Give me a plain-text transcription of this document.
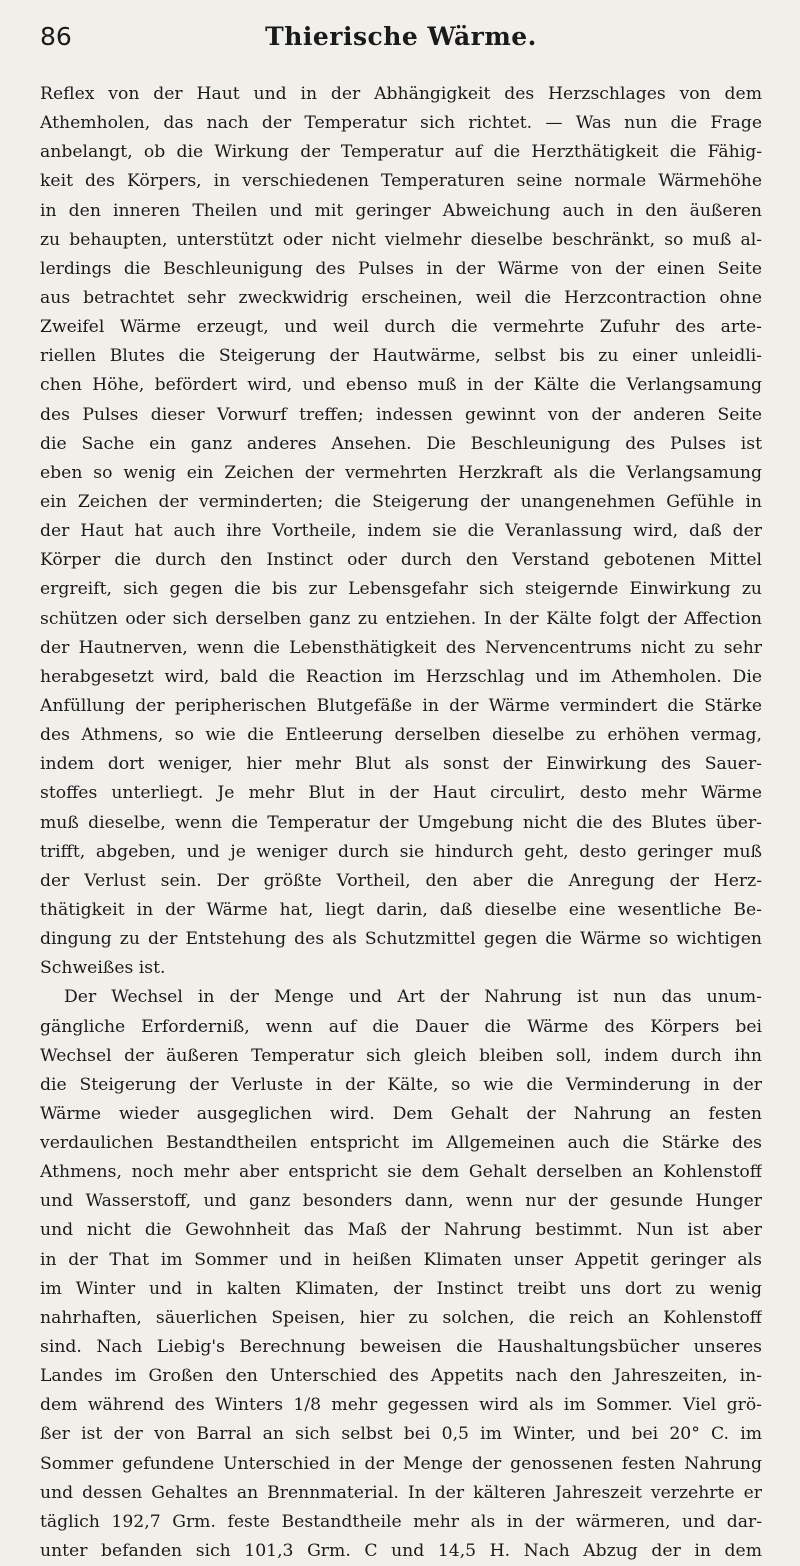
86	Thierische Wärme.
Reflex von der Haut und in der Abhängigkeit des Herzschlages von dem
Athemholen, das nach der Temperatur sich richtet. — Was nun die Frage
anbelangt, ob die Wirkung der Temperatur auf die Herzthätigkeit die Fähig-
keit des Körpers, in verschiedenen Temperaturen seine normale Wärmehöhe
in den inneren Theilen und mit geringer Abweichung auch in den äußeren
zu behaupten, unterstützt oder nicht vielmehr dieselbe beschränkt, so muß al-
lerdings die Beschleunigung des Pulses in der Wärme von der einen Seite
aus betrachtet sehr zweckwidrig erscheinen, weil die Herzcontraction ohne
Zweifel Wärme erzeugt, und weil durch die vermehrte Zufuhr des arte-
riellen Blutes die Steigerung der Hautwärme, selbst bis zu einer unleidli-
chen Höhe, befördert wird, und ebenso muß in der Kälte die Verlangsamung
des Pulses dieser Vorwurf treffen; indessen gewinnt von der anderen Seite
die Sache ein ganz anderes Ansehen. Die Beschleunigung des Pulses ist
eben so wenig ein Zeichen der vermehrten Herzkraft als die Verlangsamung
ein Zeichen der verminderten; die Steigerung der unangenehmen Gefühle in
der Haut hat auch ihre Vortheile, indem sie die Veranlassung wird, daß der
Körper die durch den Instinct oder durch den Verstand gebotenen Mittel
ergreift, sich gegen die bis zur Lebensgefahr sich steigernde Einwirkung zu
schützen oder sich derselben ganz zu entziehen. In der Kälte folgt der Affection
der Hautnerven, wenn die Lebensthätigkeit des Nervencentrums nicht zu sehr
herabgesetzt wird, bald die Reaction im Herzschlag und im Athemholen. Die
Anfüllung der peripherischen Blutgefäße in der Wärme vermindert die Stärke
des Athmens, so wie die Entleerung derselben dieselbe zu erhöhen vermag,
indem dort weniger, hier mehr Blut als sonst der Einwirkung des Sauer-
stoffes unterliegt. Je mehr Blut in der Haut circulirt, desto mehr Wärme
muß dieselbe, wenn die Temperatur der Umgebung nicht die des Blutes über-
trifft, abgeben, und je weniger durch sie hindurch geht, desto geringer muß
der Verlust sein. Der größte Vortheil, den aber die Anregung der Herz-
thätigkeit in der Wärme hat, liegt darin, daß dieselbe eine wesentliche Be-
dingung zu der Entstehung des als Schutzmittel gegen die Wärme so wichtigen
Schweißes ist.
Der Wechsel in der Menge und Art der Nahrung ist nun das unum-
gängliche Erforderniß, wenn auf die Dauer die Wärme des Körpers bei
Wechsel der äußeren Temperatur sich gleich bleiben soll, indem durch ihn
die Steigerung der Verluste in der Kälte, so wie die Verminderung in der
Wärme wieder ausgeglichen wird. Dem Gehalt der Nahrung an festen
verdaulichen Bestandtheilen entspricht im Allgemeinen auch die Stärke des
Athmens, noch mehr aber entspricht sie dem Gehalt derselben an Kohlenstoff
und Wasserstoff, und ganz besonders dann, wenn nur der gesunde Hunger
und nicht die Gewohnheit das Maß der Nahrung bestimmt. Nun ist aber
in der That im Sommer und in heißen Klimaten unser Appetit geringer als
im Winter und in kalten Klimaten, der Instinct treibt uns dort zu wenig
nahrhaften, säuerlichen Speisen, hier zu solchen, die reich an Kohlenstoff
sind. Nach Liebig's Berechnung beweisen die Haushaltungsbücher unseres
Landes im Großen den Unterschied des Appetits nach den Jahreszeiten, in-
dem während des Winters 1/8 mehr gegessen wird als im Sommer. Viel grö-
ßer ist der von Barral an sich selbst bei 0,5 im Winter, und bei 20° C. im
Sommer gefundene Unterschied in der Menge der genossenen festen Nahrung
und dessen Gehaltes an Brennmaterial. In der kälteren Jahreszeit verzehrte er
täglich 192,7 Grm. feste Bestandtheile mehr als in der wärmeren, und dar-
unter befanden sich 101,3 Grm. C und 14,5 H. Nach Abzug der in dem
